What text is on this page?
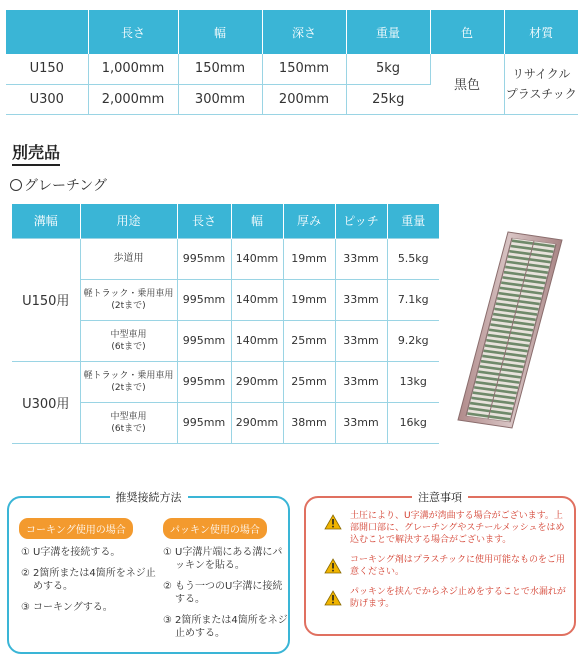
	長さ	幅	深さ	重量	色	材質
U150	1,000mm	150mm	150mm	5kg	黒色	リサイクル
プラスチック

U300	2,000mm	300mm	200mm	25kg		
別売品
グレーチング
溝幅	用途	長さ	幅	厚み	ピッチ	重量
U150用	歩道用	995mm	140mm	19mm	33mm	5.5kg

	軽トラック・乗用車用
(2tまで)	995mm	140mm	19mm	33mm	7.1kg

	中型車用
(6tまで)	995mm	140mm	25mm	33mm	9.2kg
U300用	軽トラック・乗用車用
(2tまで)	995mm	290mm	25mm	33mm	13kg

	中型車用
(6tまで)	995mm	290mm	38mm	33mm	16kg
推奨接続方法
コーキング使用の場合
① U字溝を接続する。
② 2箇所または4箇所をネジ止めする。
③ コーキングする。
パッキン使用の場合
① U字溝片端にある溝にパッキンを貼る。
② もう一つのU字溝に接続する。
③ 2箇所または4箇所をネジ止めする。
注意事項
土圧により、U字溝が湾曲する場合がございます。上部開口部に、グレーチングやスチールメッシュをはめ込むことで解決する場合がございます。
コーキング剤はプラスチックに使用可能なものをご用意ください。
パッキンを挟んでからネジ止めをすることで水漏れが防げます。
